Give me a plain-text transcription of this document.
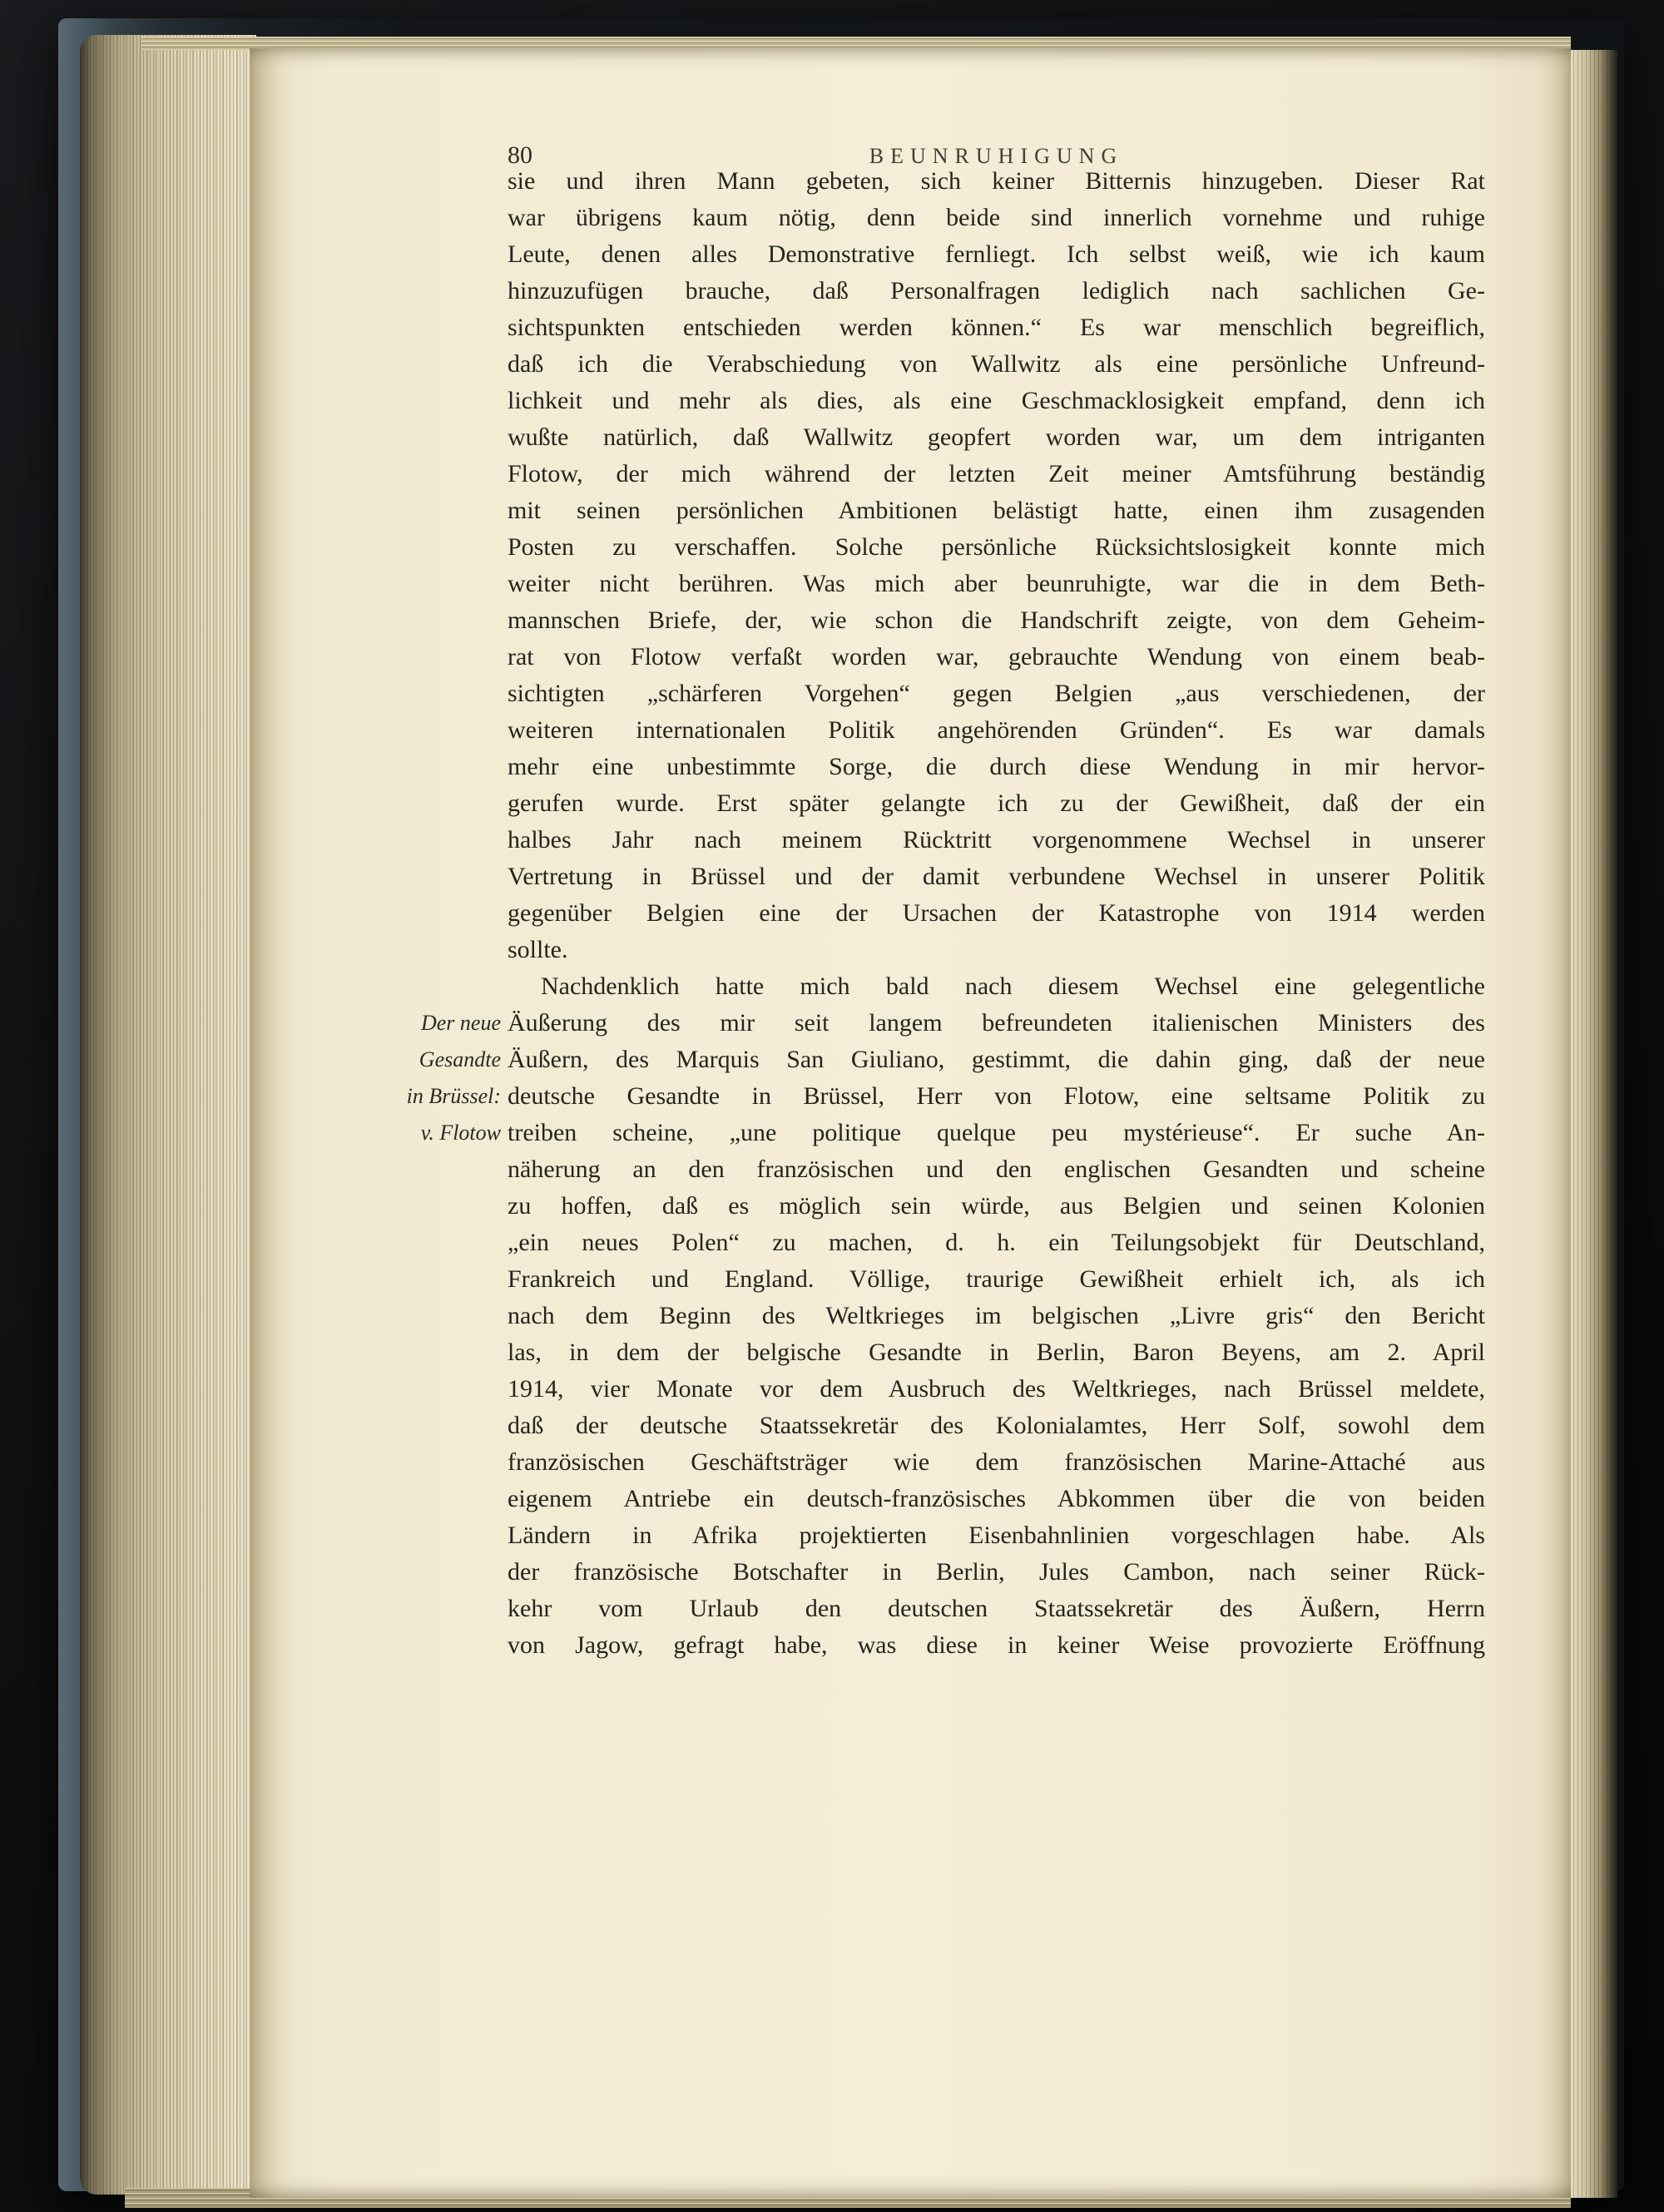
80	BEUNRUHIGUNG
sie und ihren Mann gebeten, sich keiner Bitternis hinzugeben. Dieser Rat
war übrigens kaum nötig, denn beide sind innerlich vornehme und ruhige
Leute, denen alles Demonstrative fernliegt. Ich selbst weiß, wie ich kaum
hinzuzufügen brauche, daß Personalfragen lediglich nach sachlichen Ge-
sichtspunkten entschieden werden können.“ Es war menschlich begreiflich,
daß ich die Verabschiedung von Wallwitz als eine persönliche Unfreund-
lichkeit und mehr als dies, als eine Geschmacklosigkeit empfand, denn ich
wußte natürlich, daß Wallwitz geopfert worden war, um dem intriganten
Flotow, der mich während der letzten Zeit meiner Amtsführung beständig
mit seinen persönlichen Ambitionen belästigt hatte, einen ihm zusagenden
Posten zu verschaffen. Solche persönliche Rücksichtslosigkeit konnte mich
weiter nicht berühren. Was mich aber beunruhigte, war die in dem Beth-
mannschen Briefe, der, wie schon die Handschrift zeigte, von dem Geheim-
rat von Flotow verfaßt worden war, gebrauchte Wendung von einem beab-
sichtigten „schärferen Vorgehen“ gegen Belgien „aus verschiedenen, der
weiteren internationalen Politik angehörenden Gründen“. Es war damals
mehr eine unbestimmte Sorge, die durch diese Wendung in mir hervor-
gerufen wurde. Erst später gelangte ich zu der Gewißheit, daß der ein
halbes Jahr nach meinem Rücktritt vorgenommene Wechsel in unserer
Vertretung in Brüssel und der damit verbundene Wechsel in unserer Politik
gegenüber Belgien eine der Ursachen der Katastrophe von 1914 werden
sollte.
Nachdenklich hatte mich bald nach diesem Wechsel eine gelegentliche
Äußerung des mir seit langem befreundeten italienischen Ministers des
Äußern, des Marquis San Giuliano, gestimmt, die dahin ging, daß der neue
deutsche Gesandte in Brüssel, Herr von Flotow, eine seltsame Politik zu
treiben scheine, „une politique quelque peu mystérieuse“. Er suche An-
näherung an den französischen und den englischen Gesandten und scheine
zu hoffen, daß es möglich sein würde, aus Belgien und seinen Kolonien
„ein neues Polen“ zu machen, d. h. ein Teilungsobjekt für Deutschland,
Frankreich und England. Völlige, traurige Gewißheit erhielt ich, als ich
nach dem Beginn des Weltkrieges im belgischen „Livre gris“ den Bericht
las, in dem der belgische Gesandte in Berlin, Baron Beyens, am 2. April
1914, vier Monate vor dem Ausbruch des Weltkrieges, nach Brüssel meldete,
daß der deutsche Staatssekretär des Kolonialamtes, Herr Solf, sowohl dem
französischen Geschäftsträger wie dem französischen Marine-Attaché aus
eigenem Antriebe ein deutsch-französisches Abkommen über die von beiden
Ländern in Afrika projektierten Eisenbahnlinien vorgeschlagen habe. Als
der französische Botschafter in Berlin, Jules Cambon, nach seiner Rück-
kehr vom Urlaub den deutschen Staatssekretär des Äußern, Herrn
von Jagow, gefragt habe, was diese in keiner Weise provozierte Eröffnung
Der neue
Gesandte
in Brüssel:
v. Flotow
